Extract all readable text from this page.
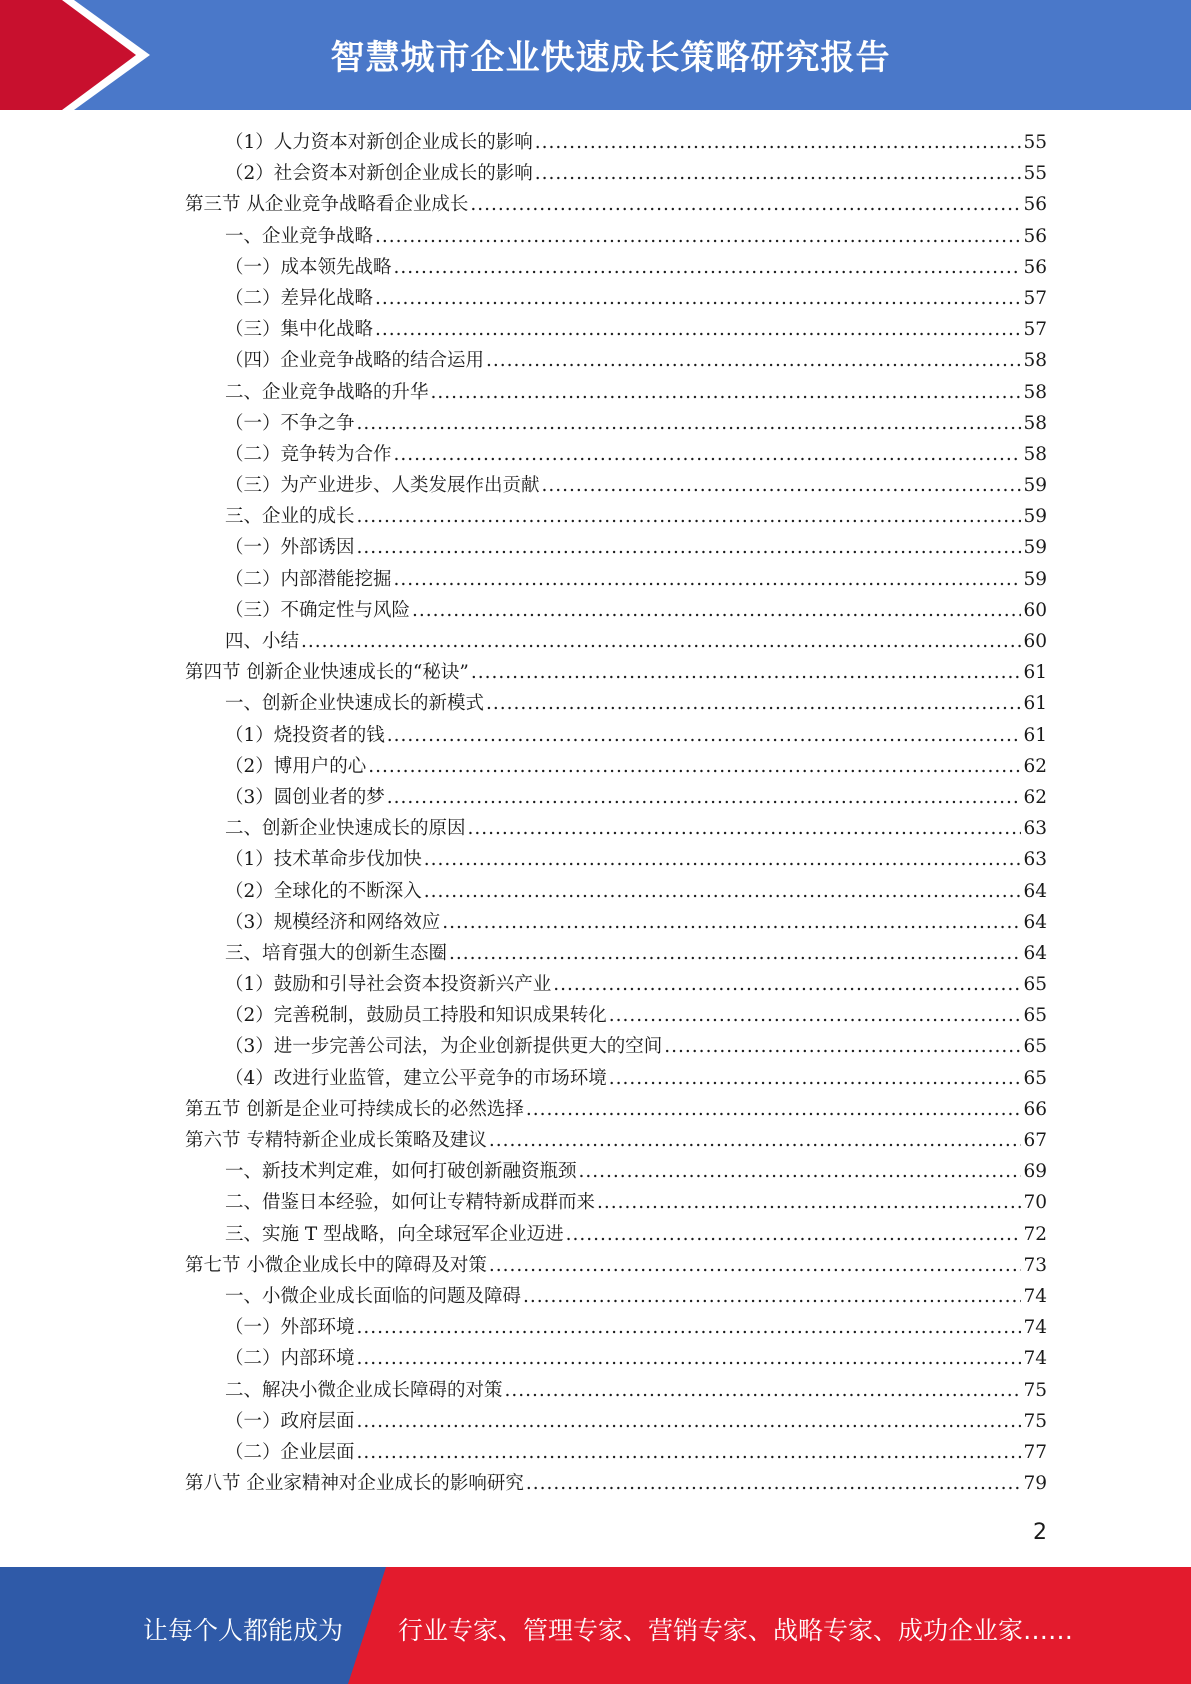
智慧城市企业快速成长策略研究报告
（1）人力资本对新创企业成长的影响 .....	55
（2）社会资本对新创企业成长的影响 .....	55
第三节 从企业竞争战略看企业成长 .....	56
一、企业竞争战略 .....	56
（一）成本领先战略 .....	56
（二）差异化战略 .....	57
（三）集中化战略 .....	57
（四）企业竞争战略的结合运用 .....	58
二、企业竞争战略的升华 .....	58
（一）不争之争 .....	58
（二）竞争转为合作 .....	58
（三）为产业进步、人类发展作出贡献 .....	59
三、企业的成长 .....	59
（一）外部诱因 .....	59
（二）内部潜能挖掘 .....	59
（三）不确定性与风险 .....	60
四、小结 .....	60
第四节 创新企业快速成长的“秘诀” .....	61
一、创新企业快速成长的新模式 .....	61
（1）烧投资者的钱 .....	61
（2）博用户的心 .....	62
（3）圆创业者的梦 .....	62
二、创新企业快速成长的原因 .....	63
（1）技术革命步伐加快 .....	63
（2）全球化的不断深入 .....	64
（3）规模经济和网络效应 .....	64
三、培育强大的创新生态圈 .....	64
（1）鼓励和引导社会资本投资新兴产业 .....	65
（2）完善税制，鼓励员工持股和知识成果转化 .....	65
（3）进一步完善公司法，为企业创新提供更大的空间 .....	65
（4）改进行业监管，建立公平竞争的市场环境 .....	65
第五节 创新是企业可持续成长的必然选择 .....	66
第六节 专精特新企业成长策略及建议 .....	67
一、新技术判定难，如何打破创新融资瓶颈 .....	69
二、借鉴日本经验，如何让专精特新成群而来 .....	70
三、实施 T 型战略，向全球冠军企业迈进 .....	72
第七节 小微企业成长中的障碍及对策 .....	73
一、小微企业成长面临的问题及障碍 .....	74
（一）外部环境 .....	74
（二）内部环境 .....	74
二、解决小微企业成长障碍的对策 .....	75
（一）政府层面 .....	75
（二）企业层面 .....	77
第八节 企业家精神对企业成长的影响研究 .....	79
2
让每个人都能成为 行业专家、管理专家、营销专家、战略专家、成功企业家……
